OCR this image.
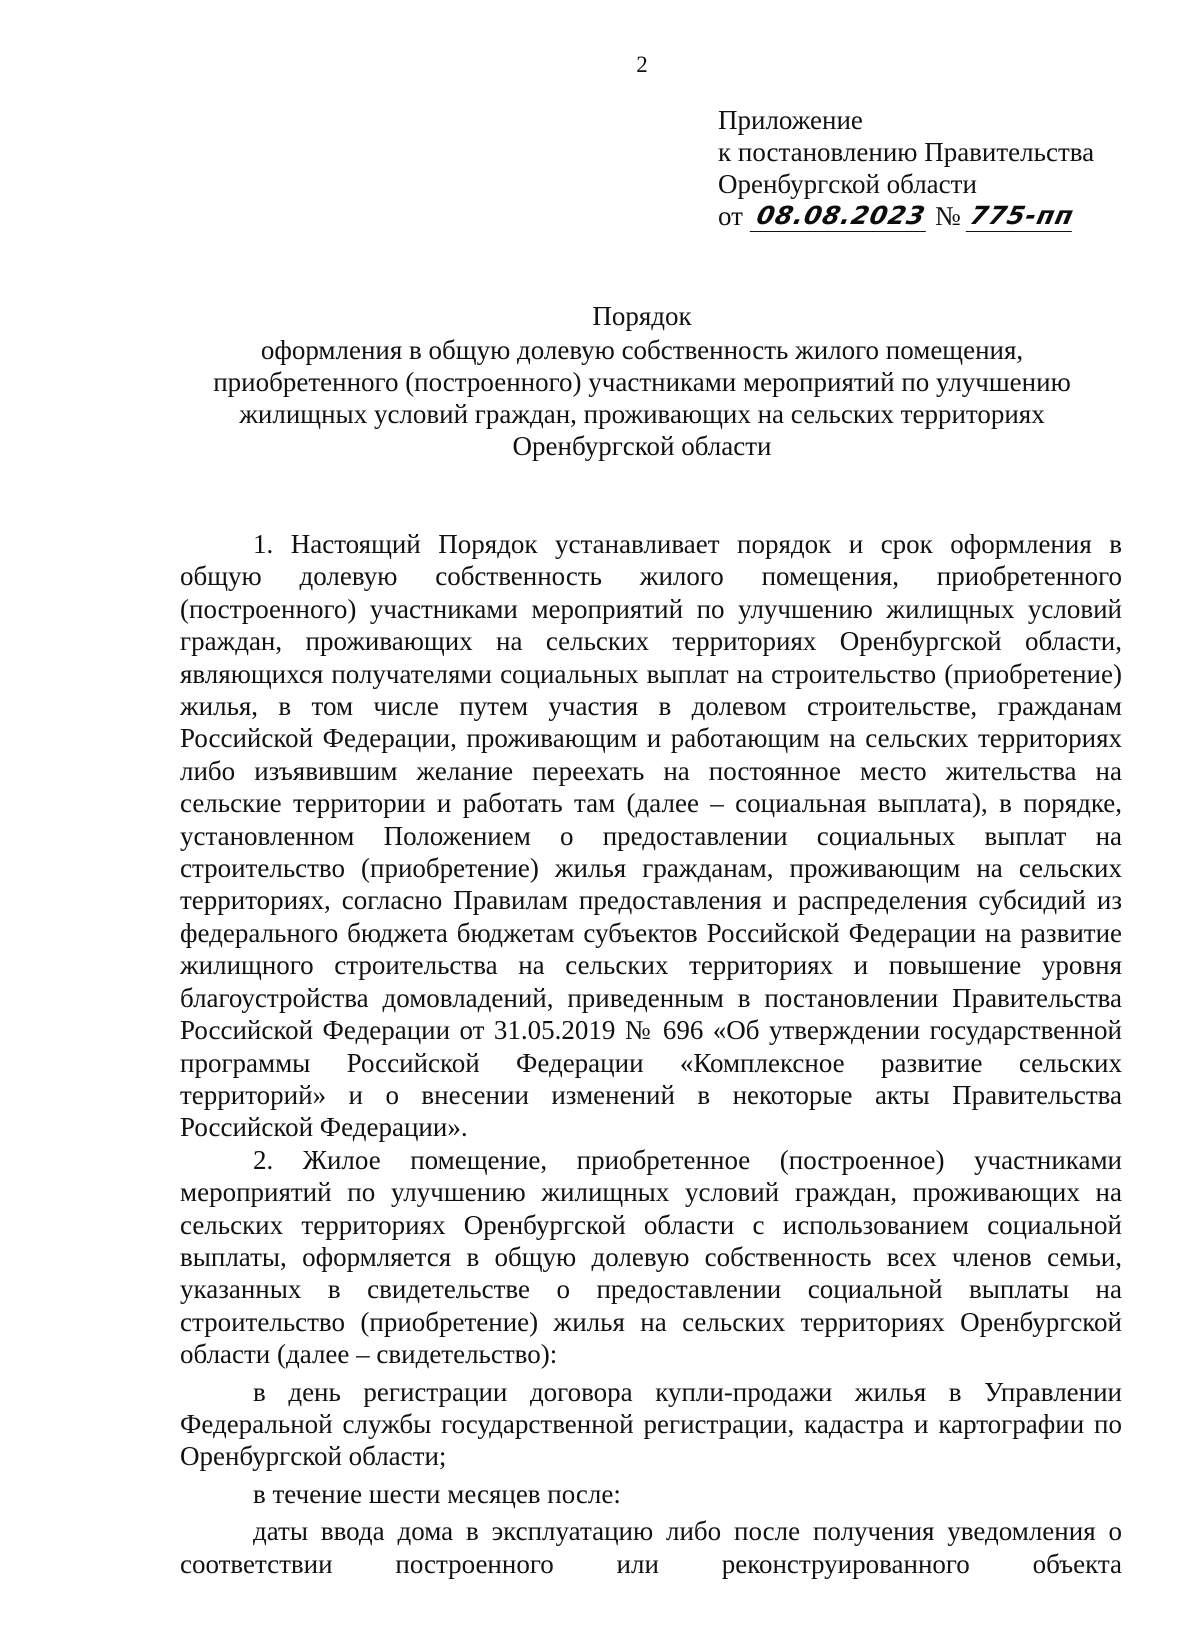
2
Приложение
к постановлению Правительства
Оренбургской области
от 08.08.2023 № 775-пп
Порядок
оформления в общую долевую собственность жилого помещения,
приобретенного (построенного) участниками мероприятий по улучшению
жилищных условий граждан, проживающих на сельских территориях
Оренбургской области

1. Настоящий Порядок устанавливает порядок и срок оформления в общую долевую собственность жилого помещения, приобретенного (построенного) участниками мероприятий по улучшению жилищных условий граждан, проживающих на сельских территориях Оренбургской области, являющихся получателями социальных выплат на строительство (приобретение) жилья, в том числе путем участия в долевом строительстве, гражданам Российской Федерации, проживающим и работающим на сельских территориях либо изъявившим желание переехать на постоянное место жительства на сельские территории и работать там (далее – социальная выплата), в порядке, установленном Положением о предоставлении социальных выплат на строительство (приобретение) жилья гражданам, проживающим на сельских территориях, согласно Правилам предоставления и распределения субсидий из федерального бюджета бюджетам субъектов Российской Федерации на развитие жилищного строительства на сельских территориях и повышение уровня благоустройства домовладений, приведенным в постановлении Правительства Российской Федерации от 31.05.2019 № 696 «Об утверждении государственной программы Российской Федерации «Комплексное развитие сельских территорий» и о внесении изменений в некоторые акты Правительства Российской Федерации».

2. Жилое помещение, приобретенное (построенное) участниками мероприятий по улучшению жилищных условий граждан, проживающих на сельских территориях Оренбургской области с использованием социальной выплаты, оформляется в общую долевую собственность всех членов семьи, указанных в свидетельстве о предоставлении социальной выплаты на строительство (приобретение) жилья на сельских территориях Оренбургской области (далее – свидетельство):

в день регистрации договора купли-продажи жилья в Управлении Федеральной службы государственной регистрации, кадастра и картографии по Оренбургской области;

в течение шести месяцев после:

даты ввода дома в эксплуатацию либо после получения уведомления о соответствии построенного или реконструированного объекта
